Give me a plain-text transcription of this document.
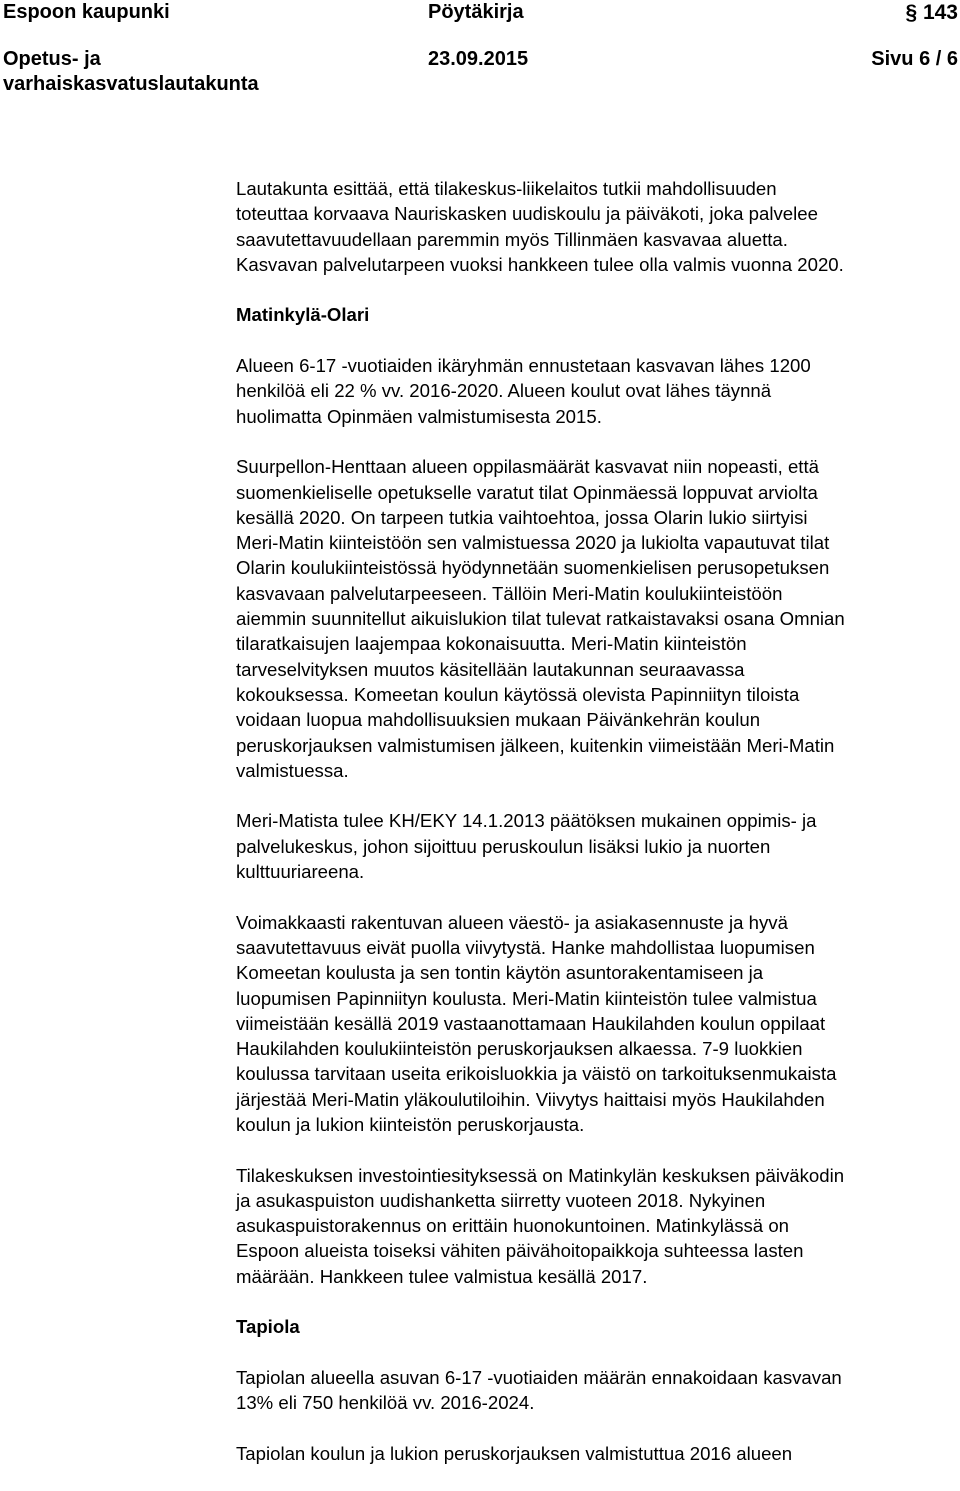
Espoon kaupunki	Pöytäkirja	§ 143
Opetus- ja
varhaiskasvatuslautakunta
23.09.2015	Sivu 6 / 6

Lautakunta esittää, että tilakeskus-liikelaitos tutkii mahdollisuuden
toteuttaa korvaava Nauriskasken uudiskoulu ja päiväkoti, joka palvelee
saavutettavuudellaan paremmin myös Tillinmäen kasvavaa aluetta.
Kasvavan palvelutarpeen vuoksi hankkeen tulee olla valmis vuonna 2020.

Matinkylä-Olari

Alueen 6-17 -vuotiaiden ikäryhmän ennustetaan kasvavan lähes 1200
henkilöä eli 22 % vv. 2016-2020. Alueen koulut ovat lähes täynnä
huolimatta Opinmäen valmistumisesta 2015.

Suurpellon-Henttaan alueen oppilasmäärät kasvavat niin nopeasti, että
suomenkieliselle opetukselle varatut tilat Opinmäessä loppuvat arviolta
kesällä 2020. On tarpeen tutkia vaihtoehtoa, jossa Olarin lukio siirtyisi
Meri-Matin kiinteistöön sen valmistuessa 2020 ja lukiolta vapautuvat tilat
Olarin koulukiinteistössä hyödynnetään suomenkielisen perusopetuksen
kasvavaan palvelutarpeeseen. Tällöin Meri-Matin koulukiinteistöön
aiemmin suunnitellut aikuislukion tilat tulevat ratkaistavaksi osana Omnian
tilaratkaisujen laajempaa kokonaisuutta. Meri-Matin kiinteistön
tarveselvityksen muutos käsitellään lautakunnan seuraavassa
kokouksessa. Komeetan koulun käytössä olevista Papinniityn tiloista
voidaan luopua mahdollisuuksien mukaan Päivänkehrän koulun
peruskorjauksen valmistumisen jälkeen, kuitenkin viimeistään Meri-Matin
valmistuessa.

Meri-Matista tulee KH/EKY 14.1.2013 päätöksen mukainen oppimis- ja
palvelukeskus, johon sijoittuu peruskoulun lisäksi lukio ja nuorten
kulttuuriareena.

Voimakkaasti rakentuvan alueen väestö- ja asiakasennuste ja hyvä
saavutettavuus eivät puolla viivytystä. Hanke mahdollistaa luopumisen
Komeetan koulusta ja sen tontin käytön asuntorakentamiseen ja
luopumisen Papinniityn koulusta. Meri-Matin kiinteistön tulee valmistua
viimeistään kesällä 2019 vastaanottamaan Haukilahden koulun oppilaat
Haukilahden koulukiinteistön peruskorjauksen alkaessa. 7-9 luokkien
koulussa tarvitaan useita erikoisluokkia ja väistö on tarkoituksenmukaista
järjestää Meri-Matin yläkoulutiloihin. Viivytys haittaisi myös Haukilahden
koulun ja lukion kiinteistön peruskorjausta.

Tilakeskuksen investointiesityksessä on Matinkylän keskuksen päiväkodin
ja asukaspuiston uudishanketta siirretty vuoteen 2018. Nykyinen
asukaspuistorakennus on erittäin huonokuntoinen. Matinkylässä on
Espoon alueista toiseksi vähiten päivähoitopaikkoja suhteessa lasten
määrään. Hankkeen tulee valmistua kesällä 2017.

Tapiola

Tapiolan alueella asuvan 6-17 -vuotiaiden määrän ennakoidaan kasvavan
13% eli 750 henkilöä vv. 2016-2024.

Tapiolan koulun ja lukion peruskorjauksen valmistuttua 2016 alueen
